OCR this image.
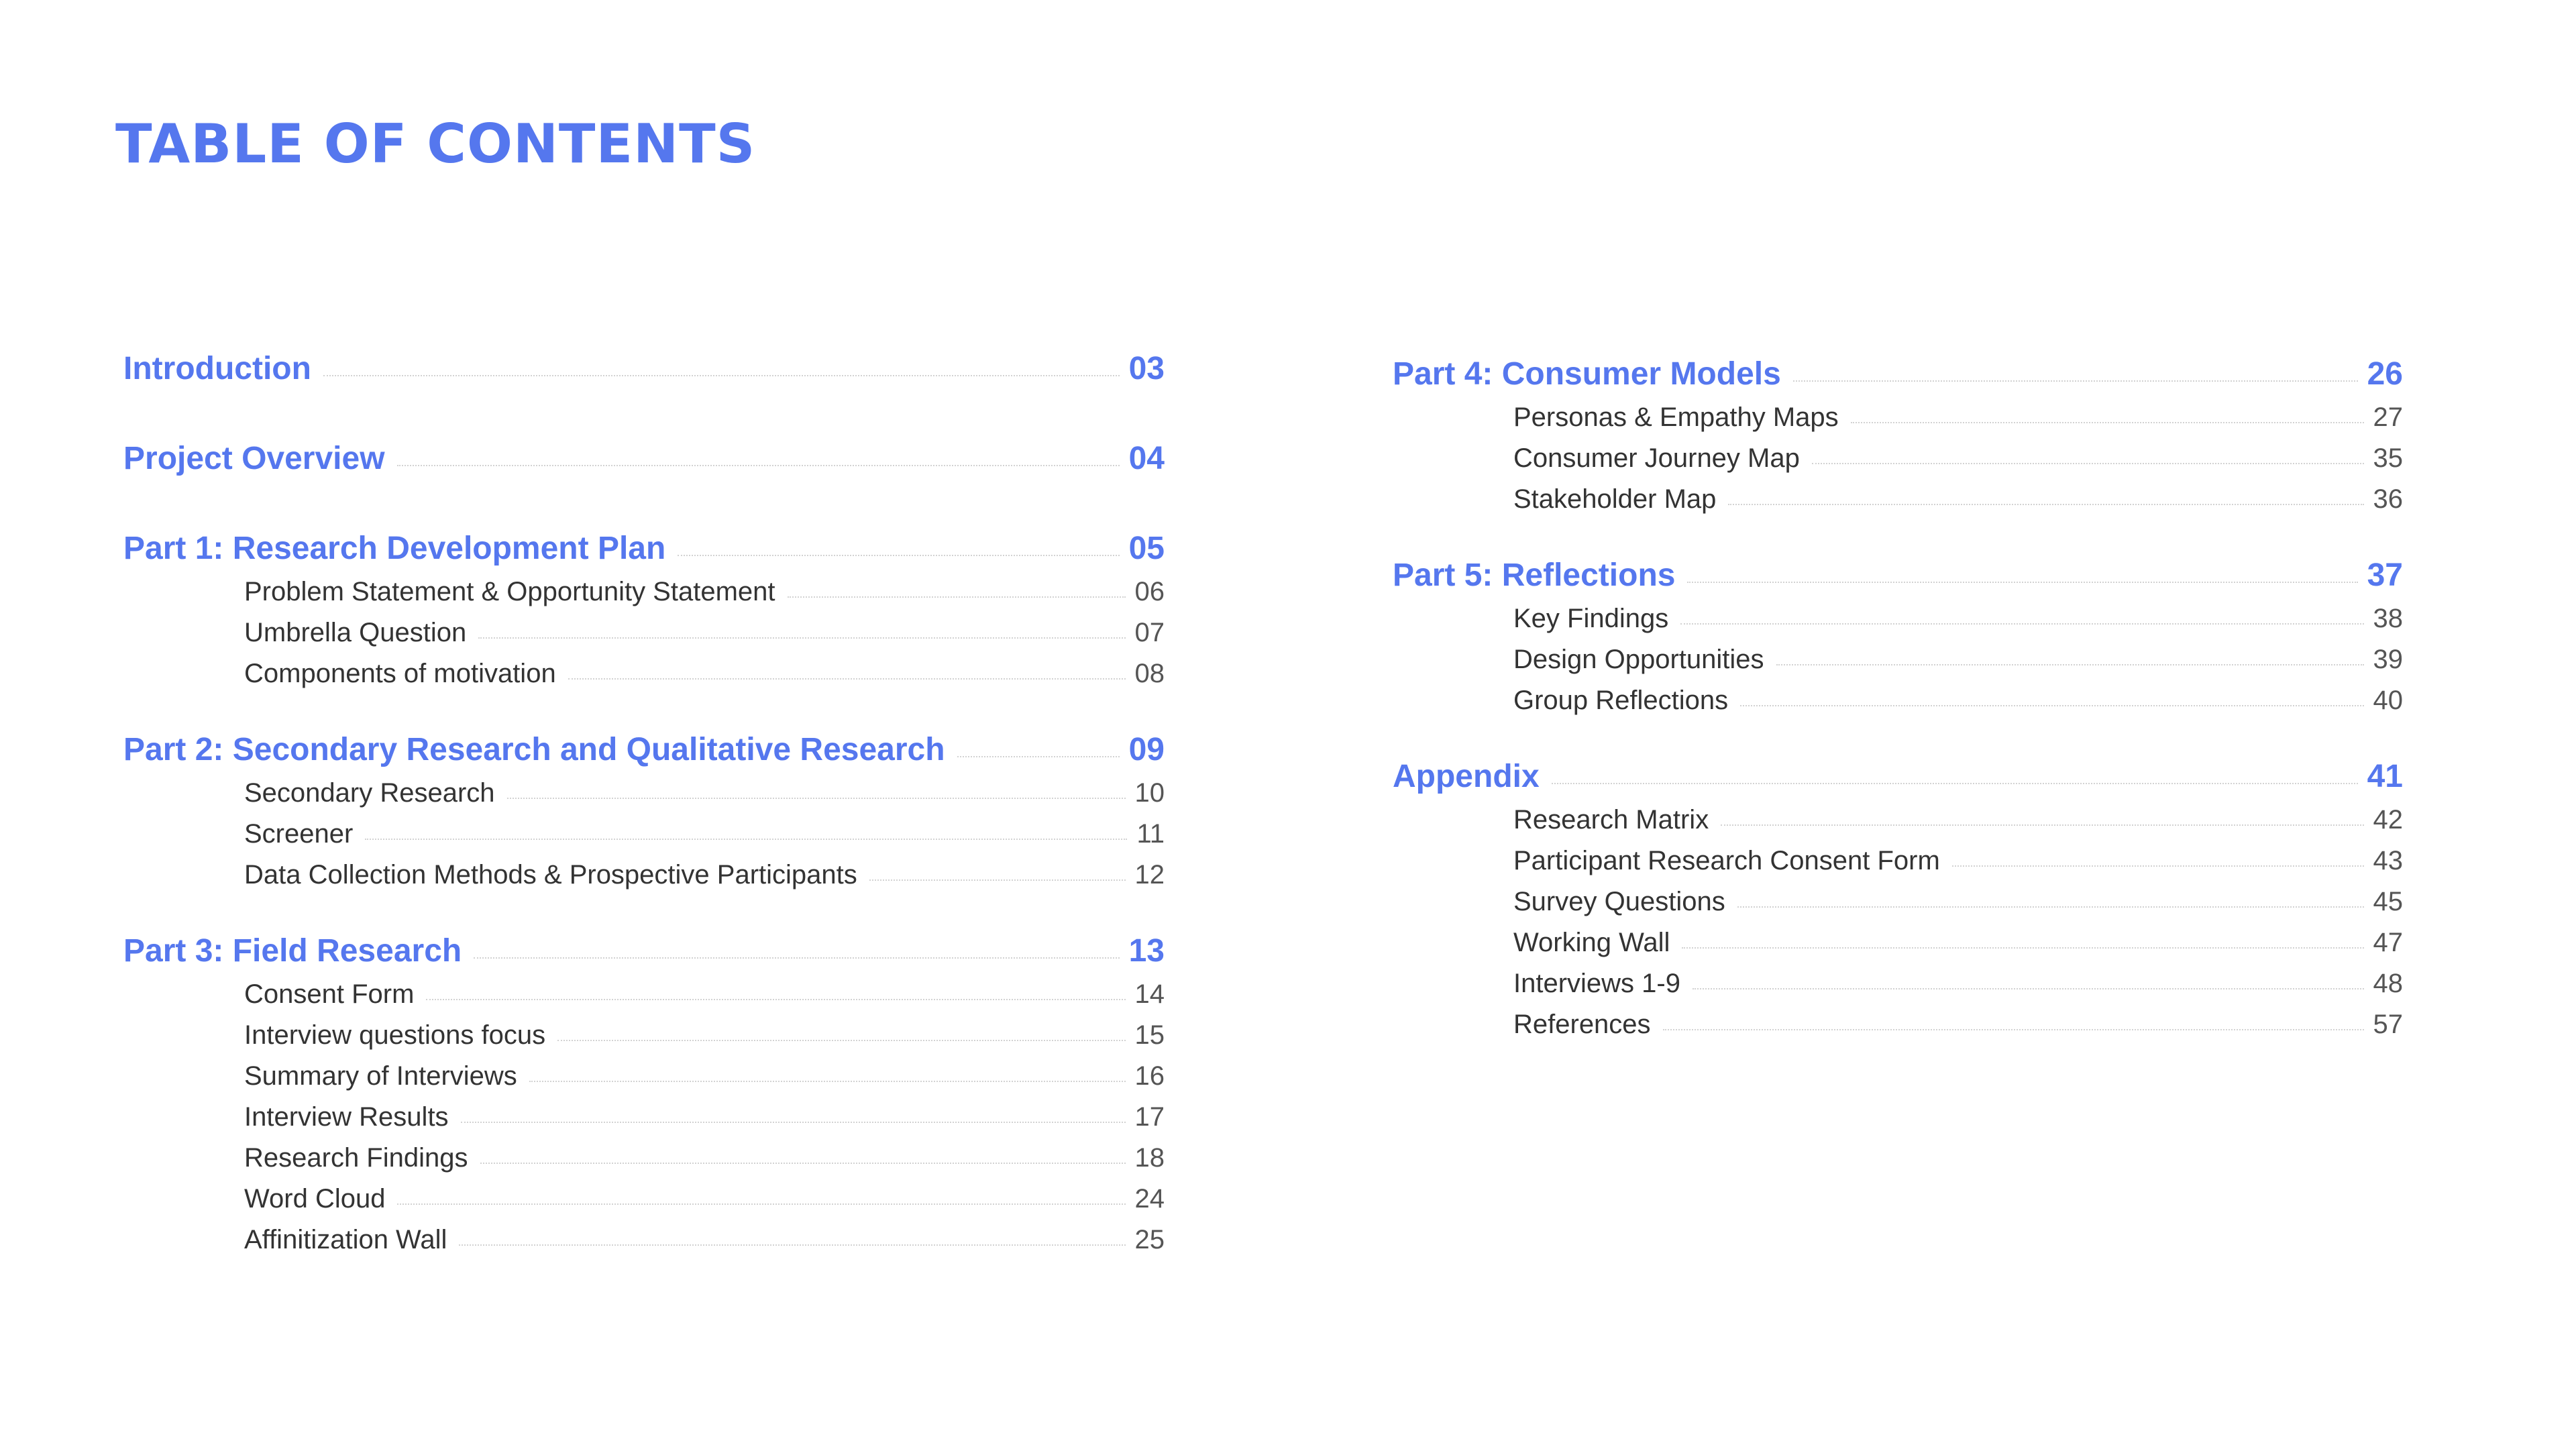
TABLE OF CONTENTS
Introduction	03
Project Overview	04
Part 1: Research Development Plan	05
Problem Statement & Opportunity Statement	06
Umbrella Question	07
Components of motivation	08
Part 2: Secondary Research and Qualitative Research	09
Secondary Research	10
Screener	11
Data Collection Methods & Prospective Participants	12
Part 3: Field Research	13
Consent Form	14
Interview questions focus	15
Summary of Interviews	16
Interview Results	17
Research Findings	18
Word Cloud	24
Affinitization Wall	25
Part 4: Consumer Models	26
Personas & Empathy Maps	27
Consumer Journey Map	35
Stakeholder Map	36
Part 5: Reflections	37
Key Findings	38
Design Opportunities	39
Group Reflections	40
Appendix	41
Research Matrix	42
Participant Research Consent Form	43
Survey Questions	45
Working Wall	47
Interviews 1-9	48
References	57
